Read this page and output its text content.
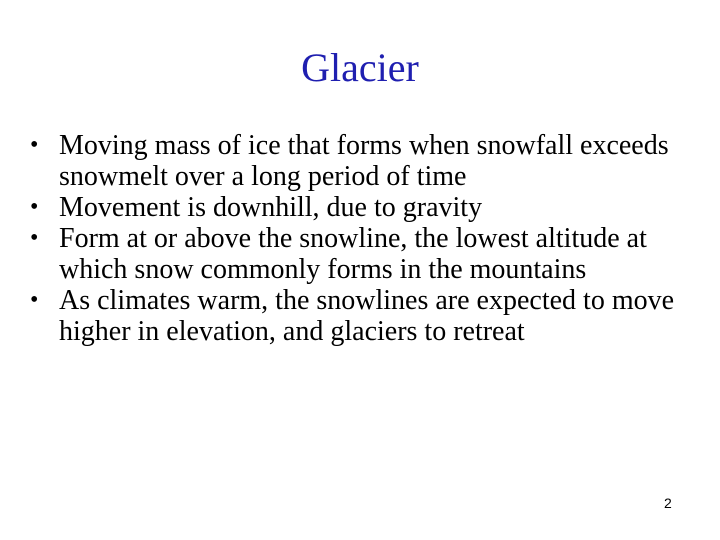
Glacier
• Moving mass of ice that forms when snowfall exceeds snowmelt over a long period of time
• Movement is downhill, due to gravity
• Form at or above the snowline, the lowest altitude at which snow commonly forms in the mountains
• As climates warm, the snowlines are expected to move higher in elevation, and glaciers to retreat
2
